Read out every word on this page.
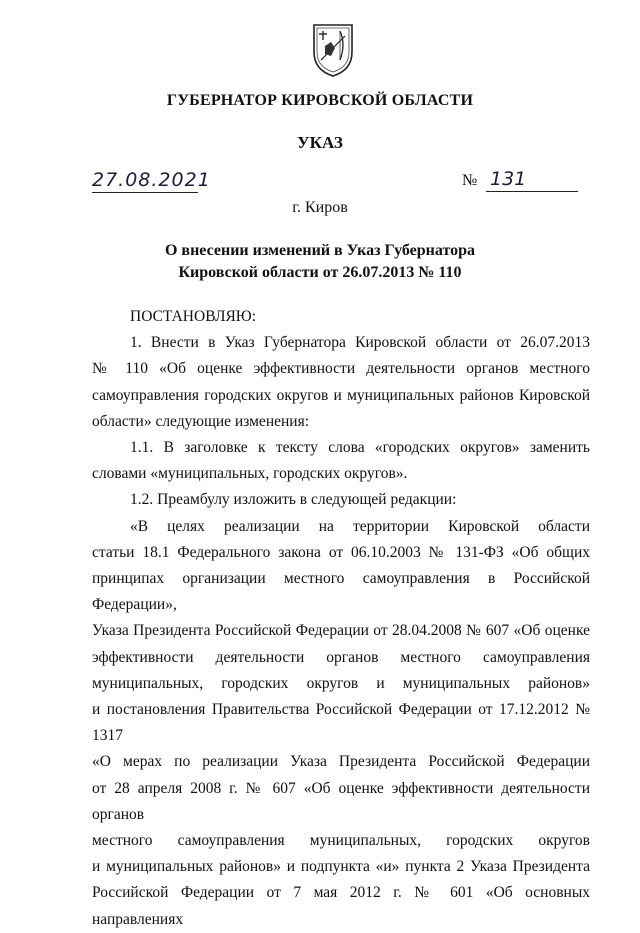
ГУБЕРНАТОР КИРОВСКОЙ ОБЛАСТИ
УКАЗ
27.08.2021	№ 131
г. Киров
О внесении изменений в Указ Губернатора
Кировской области от 26.07.2013 № 110
ПОСТАНОВЛЯЮ:
1. Внести в Указ Губернатора Кировской области от 26.07.2013
№ 110 «Об оценке эффективности деятельности органов местного
самоуправления городских округов и муниципальных районов Кировской
области» следующие изменения:
1.1. В заголовке к тексту слова «городских округов» заменить
словами «муниципальных, городских округов».
1.2. Преамбулу изложить в следующей редакции:
«В целях реализации на территории Кировской области
статьи 18.1 Федерального закона от 06.10.2003 № 131-ФЗ «Об общих
принципах организации местного самоуправления в Российской Федерации»,
Указа Президента Российской Федерации от 28.04.2008 № 607 «Об оценке
эффективности деятельности органов местного самоуправления
муниципальных, городских округов и муниципальных районов»
и постановления Правительства Российской Федерации от 17.12.2012 № 1317
«О мерах по реализации Указа Президента Российской Федерации
от 28 апреля 2008 г. № 607 «Об оценке эффективности деятельности органов
местного самоуправления муниципальных, городских округов
и муниципальных районов» и подпункта «и» пункта 2 Указа Президента
Российской Федерации от 7 мая 2012 г. № 601 «Об основных направлениях
